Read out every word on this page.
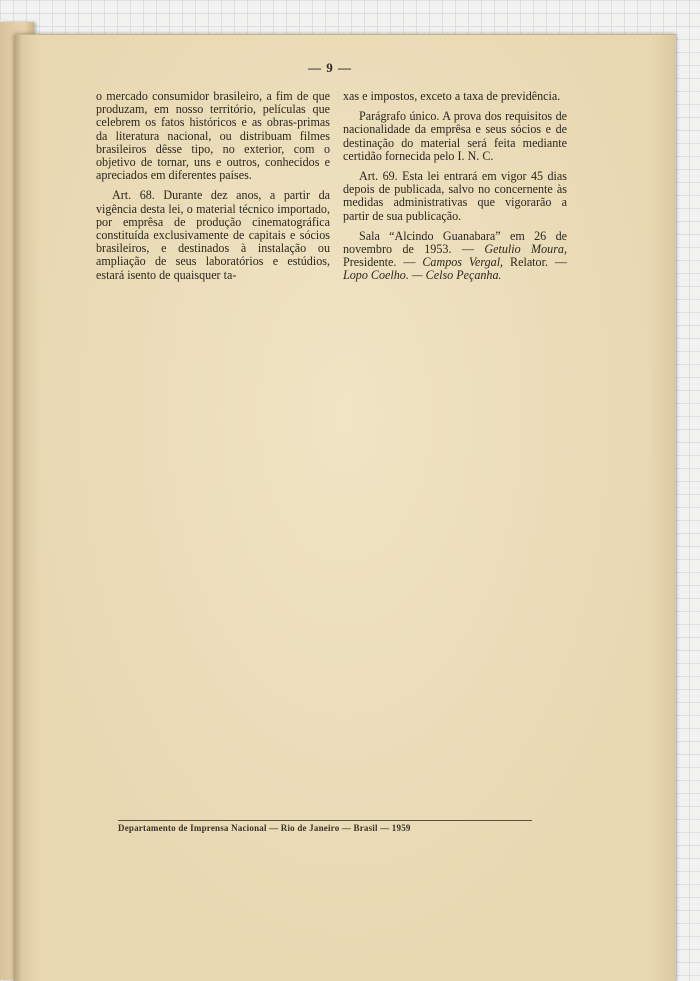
— 9 —

o mercado consumidor brasileiro, a fim de que produzam, em nosso território, películas que celebrem os fatos históricos e as obras-primas da literatura nacional, ou distribuam filmes brasileiros dêsse tipo, no exterior, com o objetivo de tornar, uns e outros, conhecidos e apreciados em diferentes países.

Art. 68. Durante dez anos, a partir da vigência desta lei, o material técnico importado, por emprêsa de produção cinematográfica constituída exclusivamente de capitais e sócios brasileiros, e destinados à instalação ou ampliação de seus laboratórios e estúdios, estará isento de quaisquer ta-

xas e impostos, exceto a taxa de previdência.

Parágrafo único. A prova dos requisitos de nacionalidade da emprêsa e seus sócios e de destinação do material será feita mediante certidão fornecida pelo I. N. C.

Art. 69. Esta lei entrará em vigor 45 dias depois de publicada, salvo no concernente às medidas administrativas que vigorarão a partir de sua publicação.

Sala “Alcindo Guanabara” em 26 de novembro de 1953. — Getulio Moura, Presidente. — Campos Vergal, Relator. — Lopo Coelho. — Celso Peçanha.

Departamento de Imprensa Nacional — Rio de Janeiro — Brasil — 1959
